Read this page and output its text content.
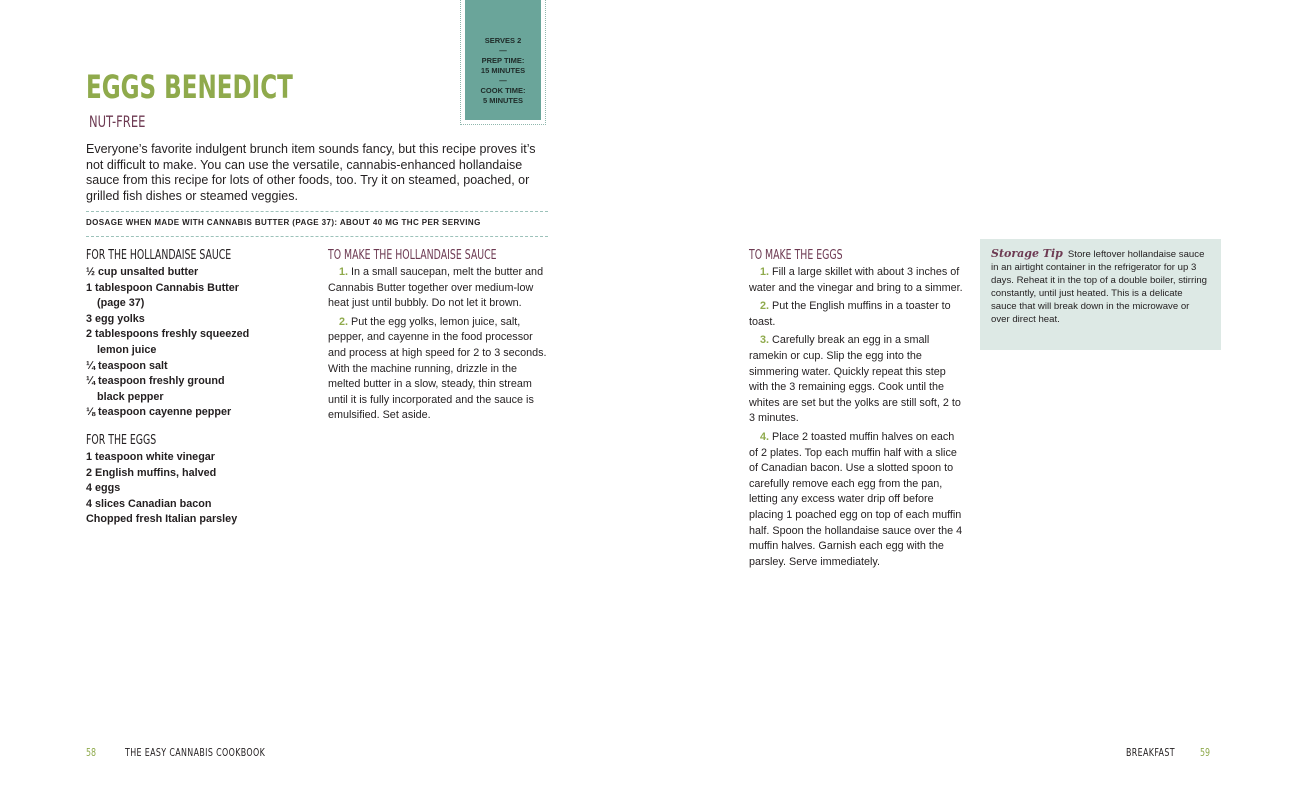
EGGS BENEDICT
NUT-FREE
SERVES 2
—
PREP TIME:
15 MINUTES
—
COOK TIME:
5 MINUTES

Everyone’s favorite indulgent brunch item sounds fancy, but this recipe proves it’s not difficult to make. You can use the versatile, cannabis-enhanced hollandaise sauce from this recipe for lots of other foods, too. Try it on steamed, poached, or grilled fish dishes or steamed veggies.

DOSAGE WHEN MADE WITH CANNABIS BUTTER (PAGE 37): ABOUT 40 MG THC PER SERVING
FOR THE HOLLANDAISE SAUCE
½ cup unsalted butter
1 tablespoon Cannabis Butter
(page 37)
3 egg yolks
2 tablespoons freshly squeezed
lemon juice
¼ teaspoon salt
¼ teaspoon freshly ground
black pepper
⅛ teaspoon cayenne pepper
FOR THE EGGS
1 teaspoon white vinegar
2 English muffins, halved
4 eggs
4 slices Canadian bacon
Chopped fresh Italian parsley
TO MAKE THE HOLLANDAISE SAUCE
1. In a small saucepan, melt the butter and Cannabis Butter together over medium-low heat just until bubbly. Do not let it brown.
2. Put the egg yolks, lemon juice, salt, pepper, and cayenne in the food processor and process at high speed for 2 to 3 seconds. With the machine running, drizzle in the melted butter in a slow, steady, thin stream until it is fully incorporated and the sauce is emulsified. Set aside.
TO MAKE THE EGGS
1. Fill a large skillet with about 3 inches of water and the vinegar and bring to a simmer.
2. Put the English muffins in a toaster to toast.
3. Carefully break an egg in a small ramekin or cup. Slip the egg into the simmering water. Quickly repeat this step with the 3 remaining eggs. Cook until the whites are set but the yolks are still soft, 2 to 3 minutes.
4. Place 2 toasted muffin halves on each of 2 plates. Top each muffin half with a slice of Canadian bacon. Use a slotted spoon to carefully remove each egg from the pan, letting any excess water drip off before placing 1 poached egg on top of each muffin half. Spoon the hollandaise sauce over the 4 muffin halves. Garnish each egg with the parsley. Serve immediately.
Storage Tip Store leftover hollandaise sauce in an airtight container in the refrigerator for up 3 days. Reheat it in the top of a double boiler, stirring constantly, until just heated. This is a delicate sauce that will break down in the microwave or over direct heat.
58	THE EASY CANNABIS COOKBOOK	BREAKFAST 59
